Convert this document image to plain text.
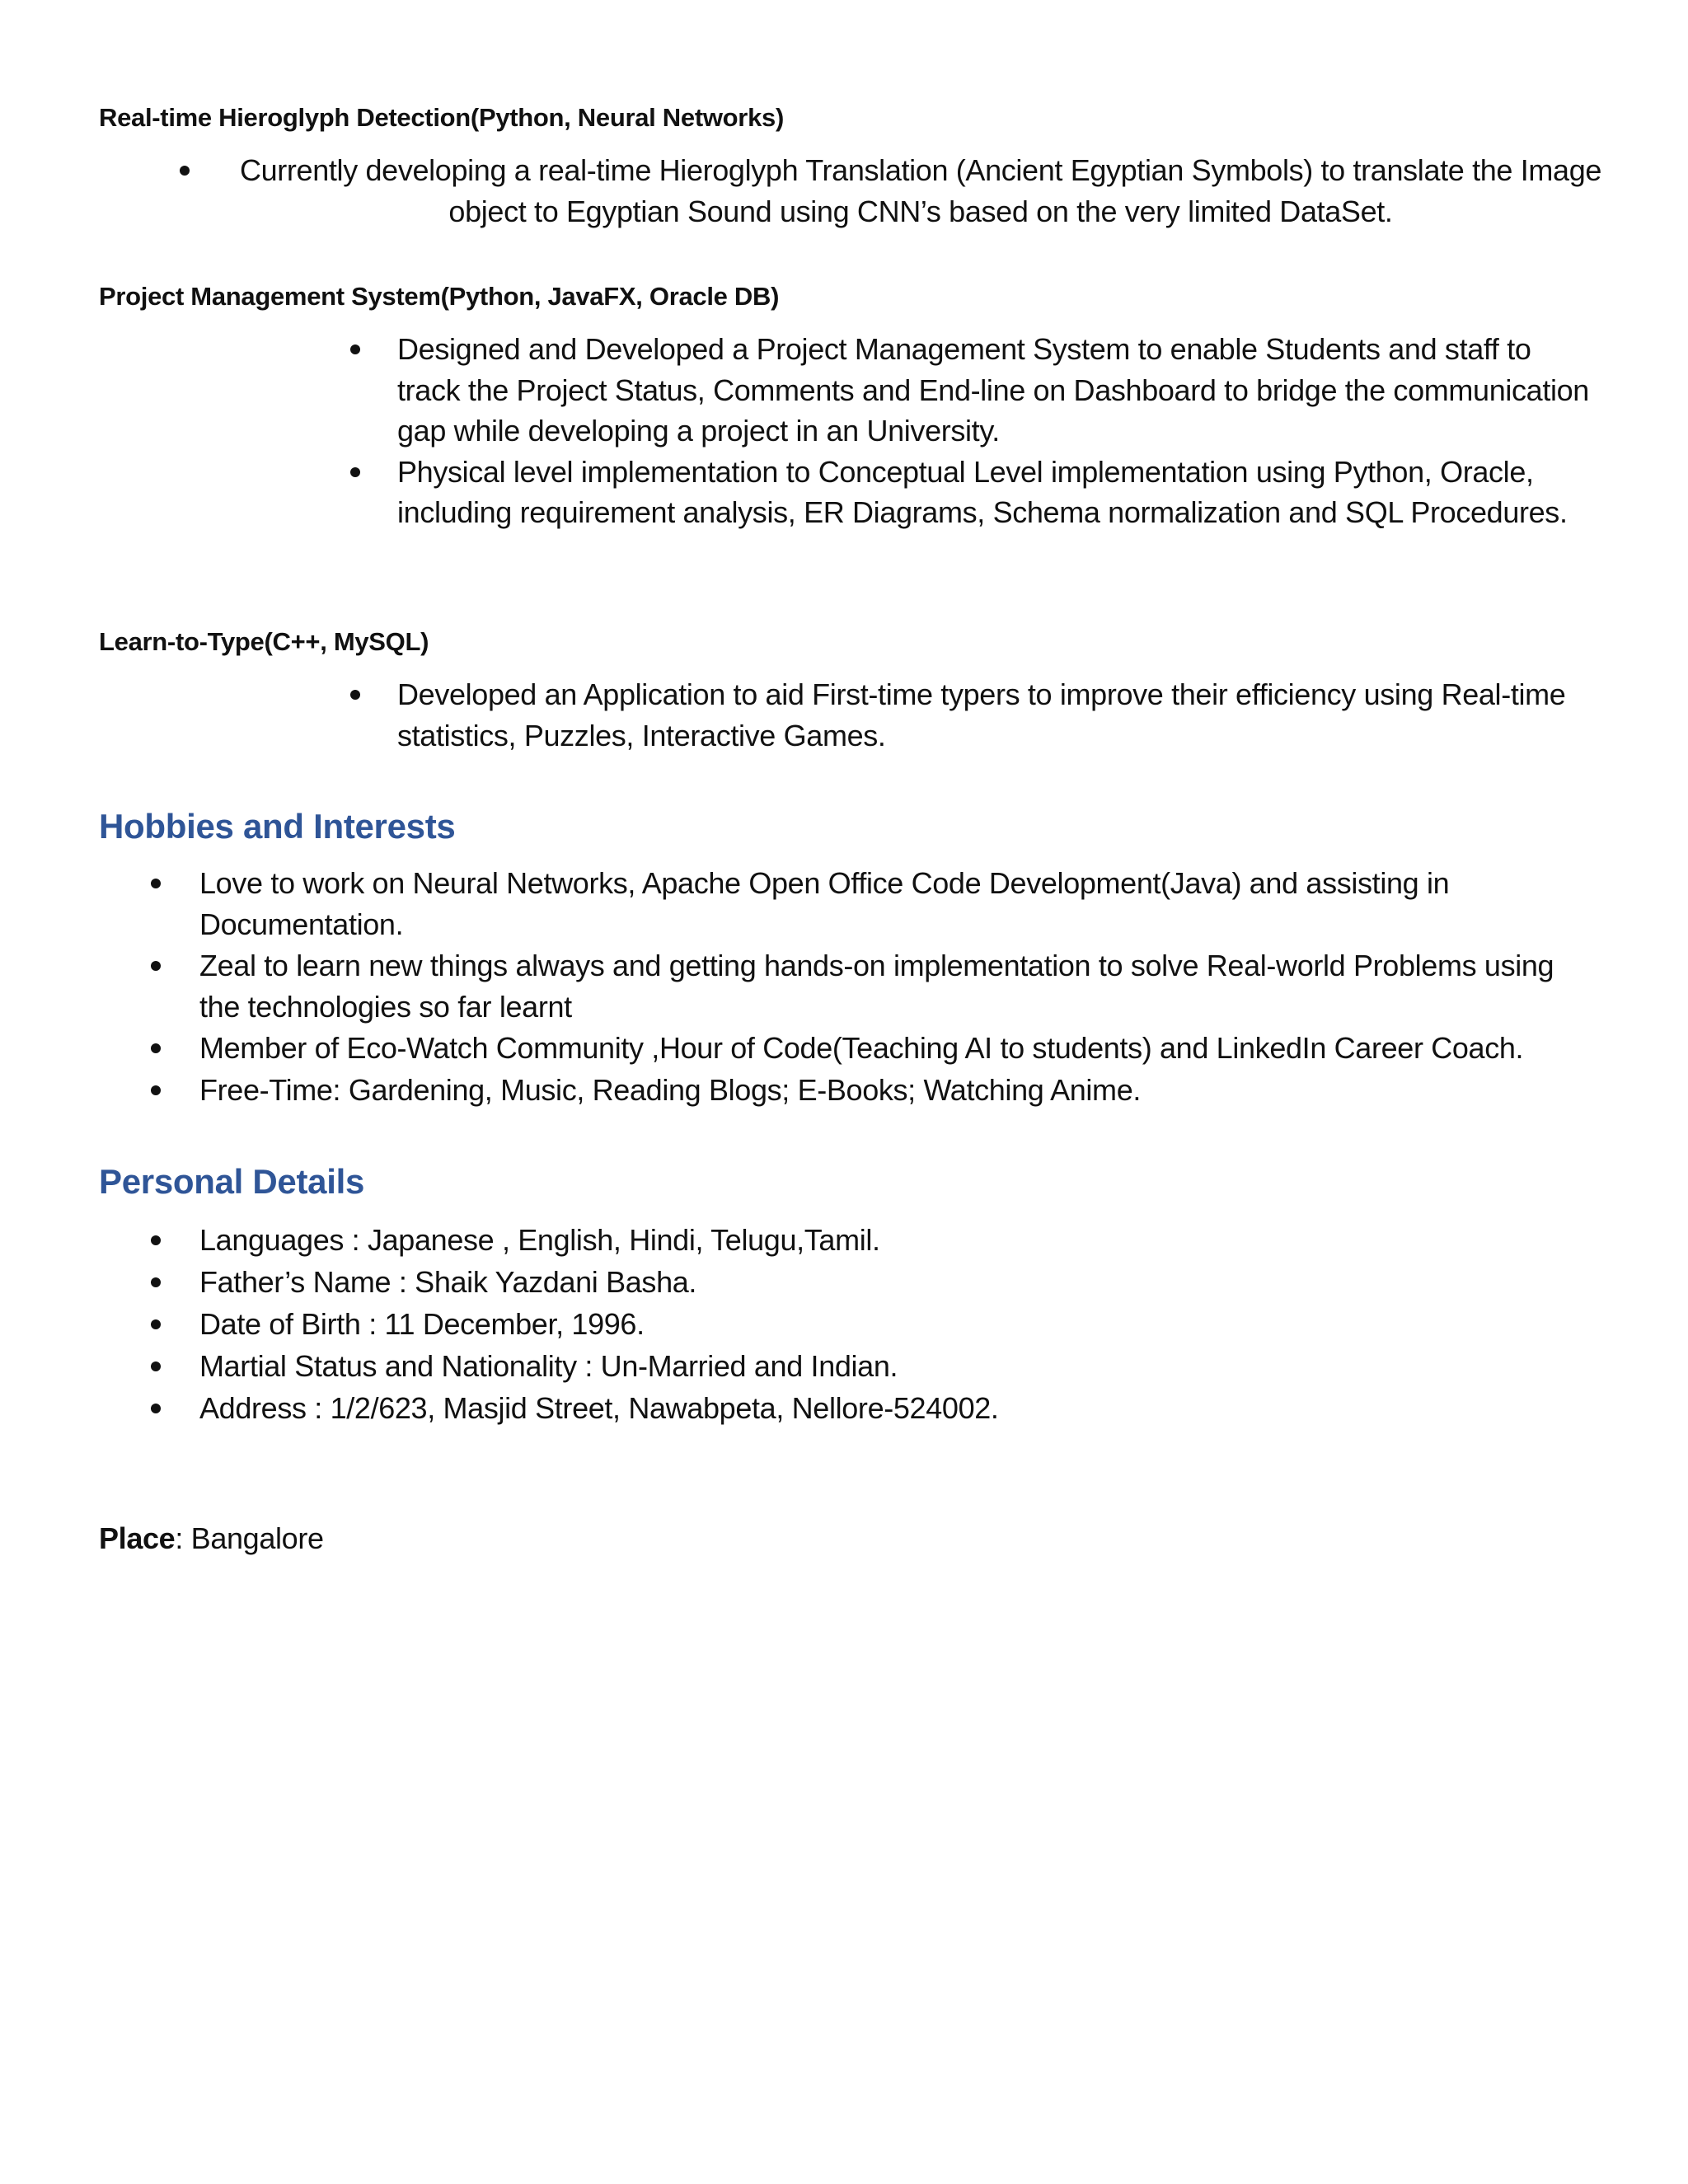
Real-time Hieroglyph Detection(Python, Neural Networks)
Currently developing a real-time Hieroglyph Translation (Ancient Egyptian Symbols) to translate the Image object to Egyptian Sound using CNN’s based on the very limited DataSet.
Project Management System(Python, JavaFX, Oracle DB)
Designed and Developed a Project Management System to enable Students and staff to track the Project Status, Comments and End-line on Dashboard to bridge the communication gap while developing a project in an University.
Physical level implementation to Conceptual Level implementation using Python, Oracle, including requirement analysis, ER Diagrams, Schema normalization and SQL Procedures.
Learn-to-Type(C++, MySQL)
Developed an Application to aid First-time typers to improve their efficiency using Real-time statistics, Puzzles, Interactive Games.
Hobbies and Interests
Love to work on Neural Networks, Apache Open Office Code Development(Java) and assisting in Documentation.
Zeal to learn new things always and getting hands-on implementation to solve Real-world Problems using the technologies so far learnt
Member of Eco-Watch Community ,Hour of Code(Teaching AI to students) and LinkedIn Career Coach.
Free-Time: Gardening, Music, Reading Blogs; E-Books; Watching Anime.
Personal Details
Languages : Japanese , English, Hindi, Telugu,Tamil.
Father’s Name : Shaik Yazdani Basha.
Date of Birth : 11 December, 1996.
Martial Status and Nationality : Un-Married and Indian.
Address : 1/2/623, Masjid Street, Nawabpeta, Nellore-524002.
Place: Bangalore
